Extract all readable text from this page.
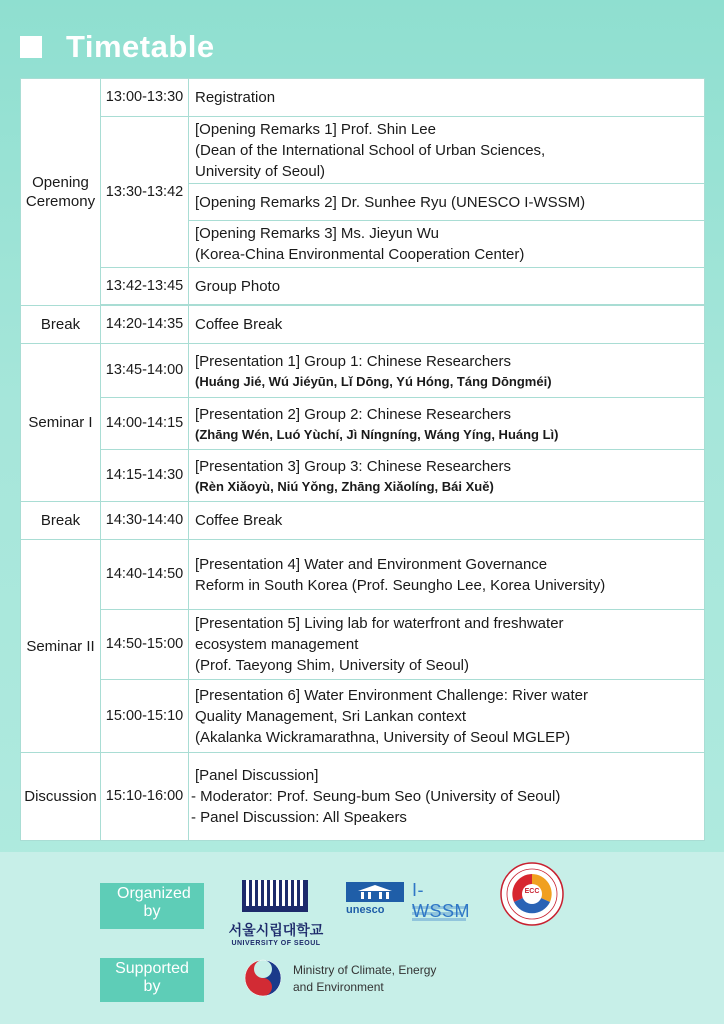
Timetable
Opening Ceremony	13:00-13:30	Registration
	13:30-13:42	[Opening Remarks 1] Prof. Shin Lee
(Dean of the International School of Urban Sciences,
University of Seoul)

		[Opening Remarks 2] Dr. Sunhee Ryu (UNESCO I-WSSM)

		[Opening Remarks 3] Ms. Jieyun Wu
(Korea-China Environmental Cooperation Center)

	13:42-13:45	Group Photo

Break	14:20-14:35	Coffee Break
Seminar I	13:45-14:00	[Presentation 1] Group 1: Chinese Researchers
(Huáng Jié, Wú Jiéyūn, Lǐ Dōng, Yú Hóng, Táng Dōngméi)

	14:00-14:15	[Presentation 2] Group 2: Chinese Researchers
(Zhāng Wén, Luó Yùchí, Jì Níngníng, Wáng Yíng, Huáng Lì)

	14:15-14:30	[Presentation 3] Group 3: Chinese Researchers
(Rèn Xiǎoyù, Niú Yǒng, Zhāng Xiǎolíng, Bái Xuě)

Break	14:30-14:40	Coffee Break
Seminar II	14:40-14:50	[Presentation 4] Water and Environment Governance
Reform in South Korea (Prof. Seungho Lee, Korea University)

	14:50-15:00	[Presentation 5] Living lab for waterfront and freshwater
ecosystem management
(Prof. Taeyong Shim, University of Seoul)

	15:00-15:10	[Presentation 6] Water Environment Challenge: River water
Quality Management, Sri Lankan context
(Akalanka Wickramarathna, University of Seoul MGLEP)

Discussion	15:10-16:00	[Panel Discussion]
- Moderator: Prof. Seung-bum Seo (University of Seoul)
- Panel Discussion: All Speakers
Organized by
Supported by
서울시립대학교
UNIVERSITY OF SEOUL
unesco
I-WSSM
ECC
Ministry of Climate, Energy
and Environment
